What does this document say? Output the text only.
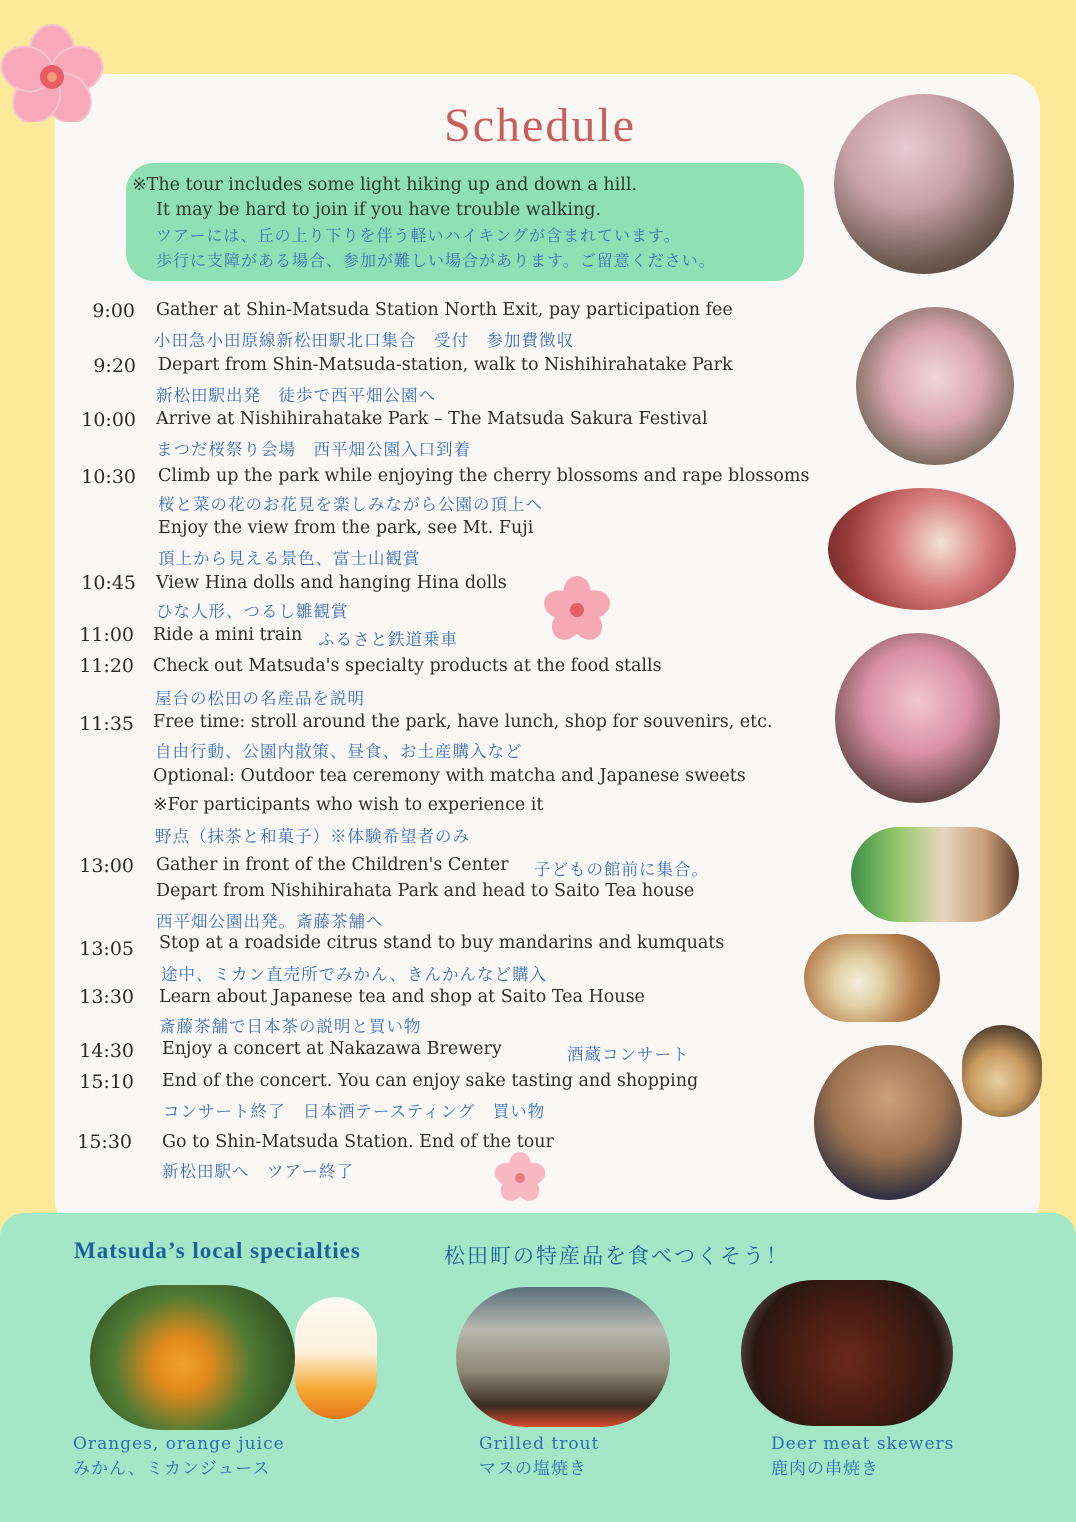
Schedule
※The tour includes some light hiking up and down a hill.
It may be hard to join if you have trouble walking.
ツアーには、丘の上り下りを伴う軽いハイキングが含まれています。
歩行に支障がある場合、参加が難しい場合があります。ご留意ください。
9:00 Gather at Shin-Matsuda Station North Exit, pay participation fee
小田急小田原線新松田駅北口集合　受付　参加費徴収
9:20 Depart from Shin-Matsuda-station, walk to Nishihirahatake Park
新松田駅出発　徒歩で西平畑公園へ
10:00 Arrive at Nishihirahatake Park – The Matsuda Sakura Festival
まつだ桜祭り会場　西平畑公園入口到着
10:30 Climb up the park while enjoying the cherry blossoms and rape blossoms
桜と菜の花のお花見を楽しみながら公園の頂上へ
Enjoy the view from the park, see Mt. Fuji
頂上から見える景色、富士山観賞
10:45 View Hina dolls and hanging Hina dolls
ひな人形、つるし雛観賞
11:00 Ride a mini train ふるさと鉄道乗車
11:20 Check out Matsuda's specialty products at the food stalls
屋台の松田の名産品を説明
11:35 Free time: stroll around the park, have lunch, shop for souvenirs, etc.
自由行動、公園内散策、昼食、お土産購入など
Optional: Outdoor tea ceremony with matcha and Japanese sweets
※For participants who wish to experience it
野点（抹茶と和菓子）※体験希望者のみ
13:00 Gather in front of the Children's Center 子どもの館前に集合。
Depart from Nishihirahata Park and head to Saito Tea house
西平畑公園出発。斎藤茶舗へ
13:05 Stop at a roadside citrus stand to buy mandarins and kumquats
途中、ミカン直売所でみかん、きんかんなど購入
13:30 Learn about Japanese tea and shop at Saito Tea House
斎藤茶舗で日本茶の説明と買い物
14:30 Enjoy a concert at Nakazawa Brewery	酒蔵コンサート
15:10 End of the concert. You can enjoy sake tasting and shopping
コンサート終了　日本酒テースティング　買い物
15:30 Go to Shin-Matsuda Station. End of the tour
新松田駅へ　ツアー終了
Matsuda’s local specialties	松田町の特産品を食べつくそう！
Oranges, orange juice
みかん、ミカンジュース
Grilled trout
マスの塩焼き
Deer meat skewers
鹿肉の串焼き
